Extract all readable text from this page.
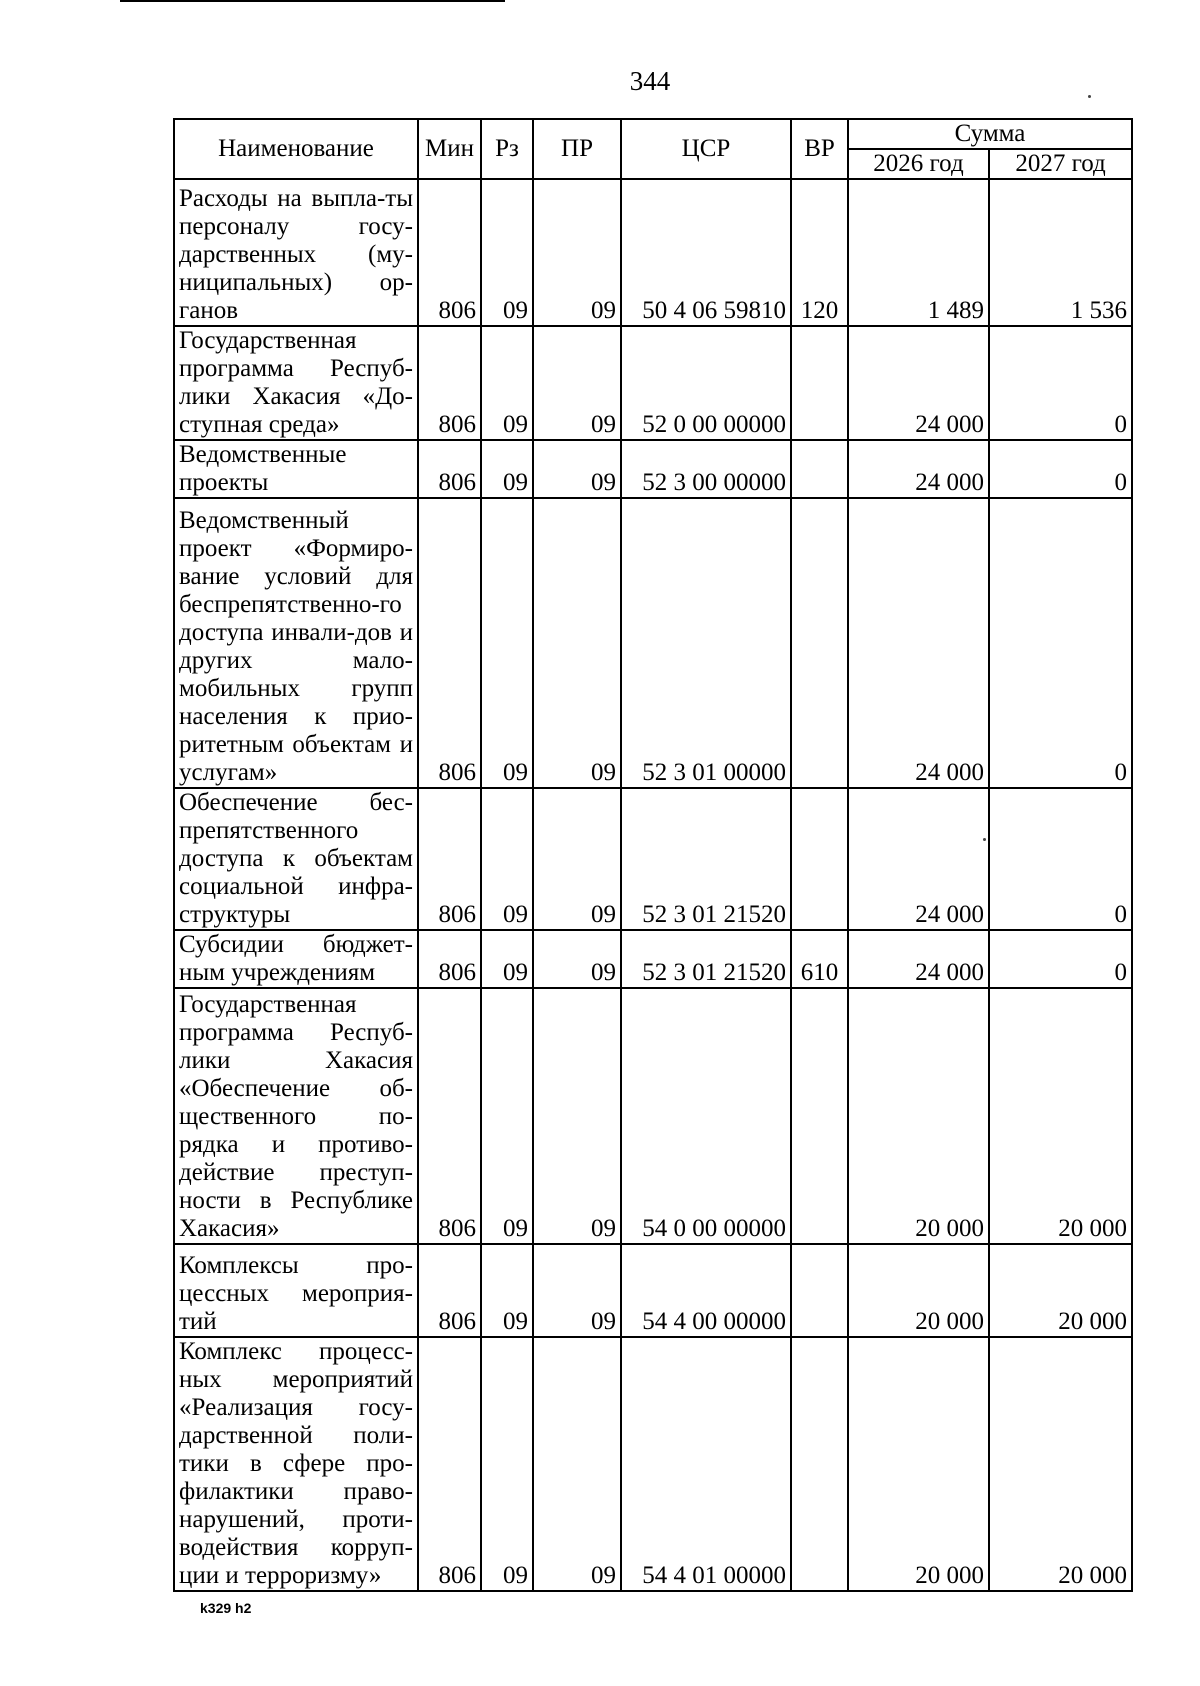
344
Наименование	Мин	Рз	ПР	ЦСР	ВР	Сумма	
						2026 год	2027 год
Расходы на выпла-ты персоналу госу-дарственных (му-ниципальных) ор-ганов	806	09	09	50 4 06 59810	120	1 489	1 536
Государственная программа Респуб-лики Хакасия «До-ступная среда»	806	09	09	52 0 00 00000		24 000	0
Ведомственные проекты	806	09	09	52 3 00 00000		24 000	0
Ведомственный проект «Формиро-вание условий для беспрепятственно-го доступа инвали-дов и других мало-мобильных групп населения к прио-ритетным объектам и услугам»	806	09	09	52 3 01 00000		24 000	0
Обеспечение бес-препятственного доступа к объектам социальной инфра-структуры	806	09	09	52 3 01 21520		24 000	0
Субсидии бюджет-ным учреждениям	806	09	09	52 3 01 21520	610	24 000	0
Государственная программа Респуб-лики Хакасия «Обеспечение об-щественного по-рядка и противо-действие преступ-ности в Республике Хакасия»	806	09	09	54 0 00 00000		20 000	20 000
Комплексы про-цессных мероприя-тий	806	09	09	54 4 00 00000		20 000	20 000
Комплекс процесс-ных мероприятий «Реализация госу-дарственной поли-тики в сфере про-филактики право-нарушений, проти-водействия корруп-ции и терроризму»	806	09	09	54 4 01 00000		20 000	20 000
k329 h2
